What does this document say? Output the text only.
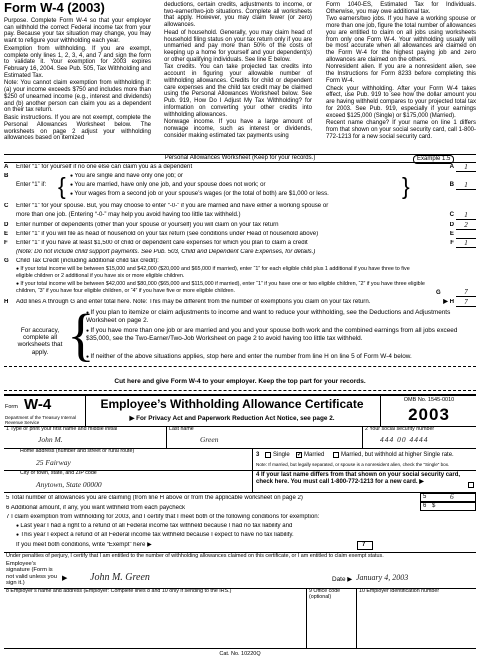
Form W-4 (2003)

Purpose. Complete Form W-4 so that your employer can withhold the correct Federal income tax from your pay. Because your tax situation may change, you may want to refigure your withholding each year.

Exemption from withholding. If you are exempt, complete only lines 1, 2, 3, 4, and 7 and sign the form to validate it. Your exemption for 2003 expires February 16, 2004. See Pub. 505, Tax Withholding and Estimated Tax.

Note: You cannot claim exemption from withholding if: (a) your income exceeds $750 and includes more than $250 of unearned income (e.g., interest and dividends) and (b) another person can claim you as a dependent on their tax return.

Basic instructions. If you are not exempt, complete the Personal Allowances Worksheet below. The worksheets on page 2 adjust your withholding allowances based on itemized

deductions, certain credits, adjustments to income, or two-earner/two-job situations. Complete all worksheets that apply. However, you may claim fewer (or zero) allowances.

Head of household. Generally, you may claim head of household filing status on your tax return only if you are unmarried and pay more than 50% of the costs of keeping up a home for yourself and your dependent(s) or other qualifying individuals. See line E below.

Tax credits. You can take projected tax credits into account in figuring your allowable number of withholding allowances. Credits for child or dependent care expenses and the child tax credit may be claimed using the Personal Allowances Worksheet below. See Pub. 919, How Do I Adjust My Tax Withholding? for information on converting your other credits into withholding allowances.

Nonwage income. If you have a large amount of nonwage income, such as interest or dividends, consider making estimated tax payments using

Form 1040-ES, Estimated Tax for Individuals. Otherwise, you may owe additional tax.

Two earners/two jobs. If you have a working spouse or more than one job, figure the total number of allowances you are entitled to claim on all jobs using worksheets from only one Form W-4. Your withholding usually will be most accurate when all allowances are claimed on the Form W-4 for the highest paying job and zero allowances are claimed on the others.

Nonresident alien. If you are a nonresident alien, see the Instructions for Form 8233 before completing this Form W-4.

Check your withholding. After your Form W-4 takes effect, use Pub. 919 to see how the dollar amount you are having withheld compares to your projected total tax for 2003. See Pub. 919, especially if your earnings exceed $125,000 (Single) or $175,000 (Married).

Recent name change? If your name on line 1 differs from that shown on your social security card, call 1-800-772-1213 for a new social security card.

Personal Allowances Worksheet (Keep for your records.)	Example 1.5
A Enter “1” for yourself if no one else can claim you as a dependent	A	1
B
Enter “1” if: {
●	You are single and have only one job; or
● You are married, have only one job, and your spouse does not work; or
● Your wages from a second job or your spouse’s wages (or the total of both) are $1,000 or less.	}	B	1
C Enter “1” for your spouse. But, you may choose to enter “-0-” if you are married and have either a working spouse or
more than one job. (Entering “-0-” may help you avoid having too little tax withheld.)	C	1
D Enter number of dependents (other than your spouse or yourself) you will claim on your tax return	D	2
E Enter “1” if you will file as head of household on your tax return (see conditions under Head of household above)	E
F Enter “1” if you have at least $1,500 of child or dependent care expenses for which you plan to claim a credit	F	1
(Note: Do not include child support payments. See Pub. 503, Child and Dependent Care Expenses, for details.)
G Child Tax Credit (including additional child tax credit):
● If your total income will be between $15,000 and $42,000 ($20,000 and $65,000 if married), enter “1” for each eligible child plus 1 additional if you have three to five eligible children or 2 additional if you have six or more eligible children.
● If your total income will be between $42,000 and $80,000 ($65,000 and $115,000 if married), enter “1” if you have one or two eligible children, “2” if you have three eligible children, “3” if you have four eligible children, or “4” if you have five or more eligible children.	G	7
H Add lines A through G and enter total here. Note: This may be different from the number of exemptions you claim on your tax return.	▶ H	7
For accuracy, complete all worksheets that apply. {
● If you plan to itemize or claim adjustments to income and want to reduce your withholding, see the Deductions and Adjustments Worksheet on page 2.
● If you have more than one job or are married and you and your spouse both work and the combined earnings from all jobs exceed $35,000, see the Two-Earner/Two-Job Worksheet on page 2 to avoid having too little tax withheld.
● If neither of the above situations applies, stop here and enter the number from line H on line 5 of Form W-4 below.
Cut here and give Form W-4 to your employer. Keep the top part for your records.
Form W-4
Department of the Treasury Internal Revenue Service
Employee’s Withholding Allowance Certificate
▶ For Privacy Act and Paperwork Reduction Act Notice, see page 2.
OMB No. 1545-0010
2003
1 Type or print your first name and middle initial
John M.
Last name
Green
2 Your social security number
444 00 4444
Home address (number and street or rural route)
25 Fairway
3 Single ✓ Married	Married, but withhold at higher Single rate.
Note: If married, but legally separated, or spouse is a nonresident alien, check the “Single” box.
City or town, state, and ZIP code
Anytown, State 00000
4 If your last name differs from that shown on your social security card, check here. You must call 1-800-772-1213 for a new card. ▶
5 Total number of allowances you are claiming (from line H above or from the applicable worksheet on page 2)	5	6
6 Additional amount, if any, you want withheld from each paycheck	6 $
7 I claim exemption from withholding for 2003, and I certify that I meet both of the following conditions for exemption:
● Last year I had a right to a refund of all Federal income tax withheld because I had no tax liability and
● This year I expect a refund of all Federal income tax withheld because I expect to have no tax liability.
If you meet both conditions, write “Exempt” here ▶	7
Under penalties of perjury, I certify that I am entitled to the number of withholding allowances claimed on this certificate, or I am entitled to claim exempt status.
Employee’s signature (Form is not valid unless you sign it.)
▶ John M. Green	Date ▶ January 4, 2003
8 Employer’s name and address (Employer: Complete lines 8 and 10 only if sending to the IRS.)	9 Office code (optional)
10 Employer identification number
Cat. No. 10220Q
